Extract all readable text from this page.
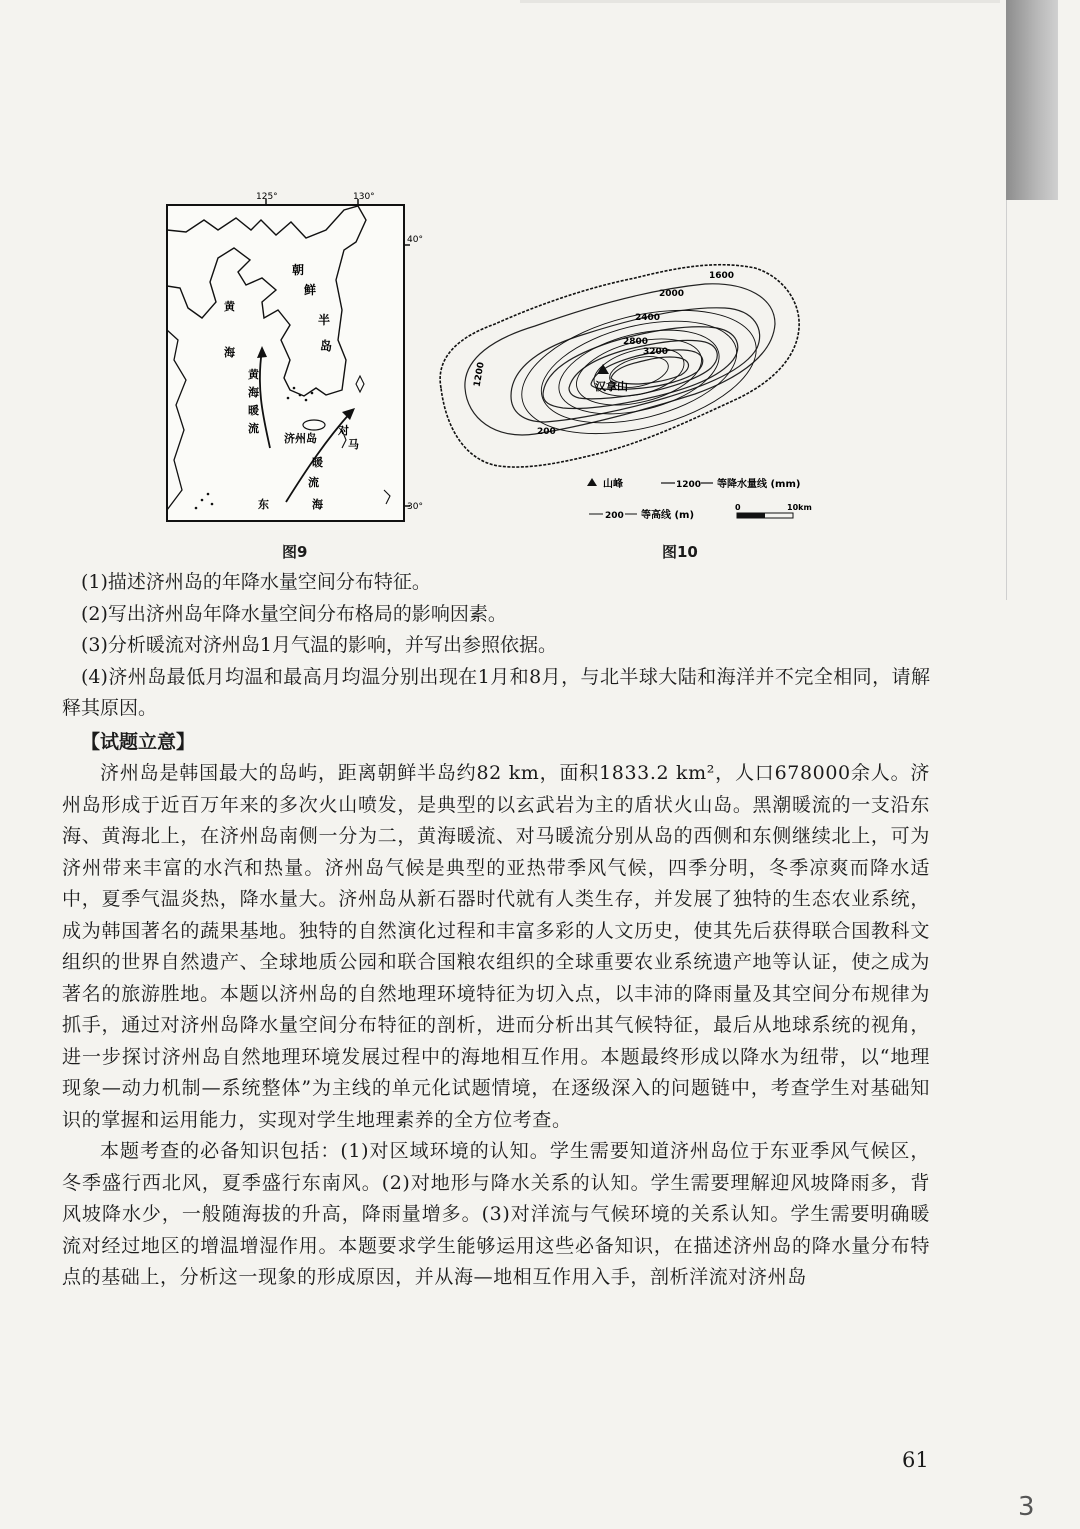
125°	130°
40°
30°
朝
鲜
半
岛
黄
海
黄
海
暖
流
济州岛
对
马
暖
流
东	海
图9
汉拿山
1600
2000
2400
2800
3200
1200
200
山峰	1200 等降水量线 (mm)
200 等高线 (m)
0	10km
图10

(1)描述济州岛的年降水量空间分布特征。

(2)写出济州岛年降水量空间分布格局的影响因素。

(3)分析暖流对济州岛1月气温的影响，并写出参照依据。

(4)济州岛最低月均温和最高月均温分别出现在1月和8月，与北半球大陆和海洋并不完全相同，请解释其原因。

【试题立意】

济州岛是韩国最大的岛屿，距离朝鲜半岛约82 km，面积1833.2 km²，人口678000余人。济州岛形成于近百万年来的多次火山喷发，是典型的以玄武岩为主的盾状火山岛。黑潮暖流的一支沿东海、黄海北上，在济州岛南侧一分为二，黄海暖流、对马暖流分别从岛的西侧和东侧继续北上，可为济州带来丰富的水汽和热量。济州岛气候是典型的亚热带季风气候，四季分明，冬季凉爽而降水适中，夏季气温炎热，降水量大。济州岛从新石器时代就有人类生存，并发展了独特的生态农业系统，成为韩国著名的蔬果基地。独特的自然演化过程和丰富多彩的人文历史，使其先后获得联合国教科文组织的世界自然遗产、全球地质公园和联合国粮农组织的全球重要农业系统遗产地等认证，使之成为著名的旅游胜地。本题以济州岛的自然地理环境特征为切入点，以丰沛的降雨量及其空间分布规律为抓手，通过对济州岛降水量空间分布特征的剖析，进而分析出其气候特征，最后从地球系统的视角，进一步探讨济州岛自然地理环境发展过程中的海地相互作用。本题最终形成以降水为纽带，以“地理现象—动力机制—系统整体”为主线的单元化试题情境，在逐级深入的问题链中，考查学生对基础知识的掌握和运用能力，实现对学生地理素养的全方位考查。

本题考查的必备知识包括：(1)对区域环境的认知。学生需要知道济州岛位于东亚季风气候区，冬季盛行西北风，夏季盛行东南风。(2)对地形与降水关系的认知。学生需要理解迎风坡降雨多，背风坡降水少，一般随海拔的升高，降雨量增多。(3)对洋流与气候环境的关系认知。学生需要明确暖流对经过地区的增温增湿作用。本题要求学生能够运用这些必备知识，在描述济州岛的降水量分布特点的基础上，分析这一现象的形成原因，并从海—地相互作用入手，剖析洋流对济州岛

61
3
